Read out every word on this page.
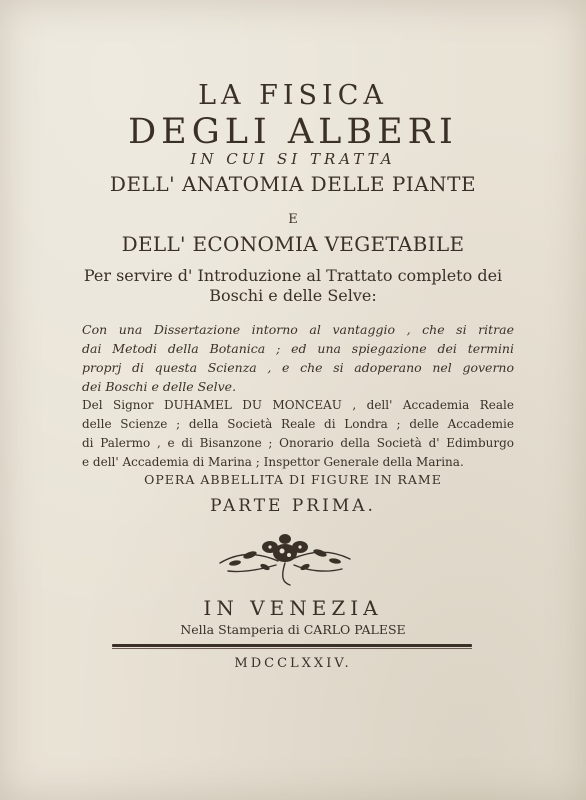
LA FISICA
DEGLI ALBERI
IN CUI SI TRATTA
DELL' ANATOMIA DELLE PIANTE
E
DELL' ECONOMIA VEGETABILE
Per servire d' Introduzione al Trattato completo dei
Boschi e delle Selve:
Con una Dissertazione intorno al vantaggio , che si ritrae
dai Metodi della Botanica ; ed una spiegazione dei termini
proprj di questa Scienza , e che si adoperano nel governo
dei Boschi e delle Selve.
Del Signor DUHAMEL DU MONCEAU , dell' Accademia Reale
delle Scienze ; della Società Reale di Londra ; delle Accademie
di Palermo , e di Bisanzone ; Onorario della Società d' Edimburgo
e dell' Accademia di Marina ; Inspettor Generale della Marina.
OPERA ABBELLITA DI FIGURE IN RAME
PARTE PRIMA.
IN VENEZIA
Nella Stamperia di CARLO PALESE
MDCCLXXIV.
